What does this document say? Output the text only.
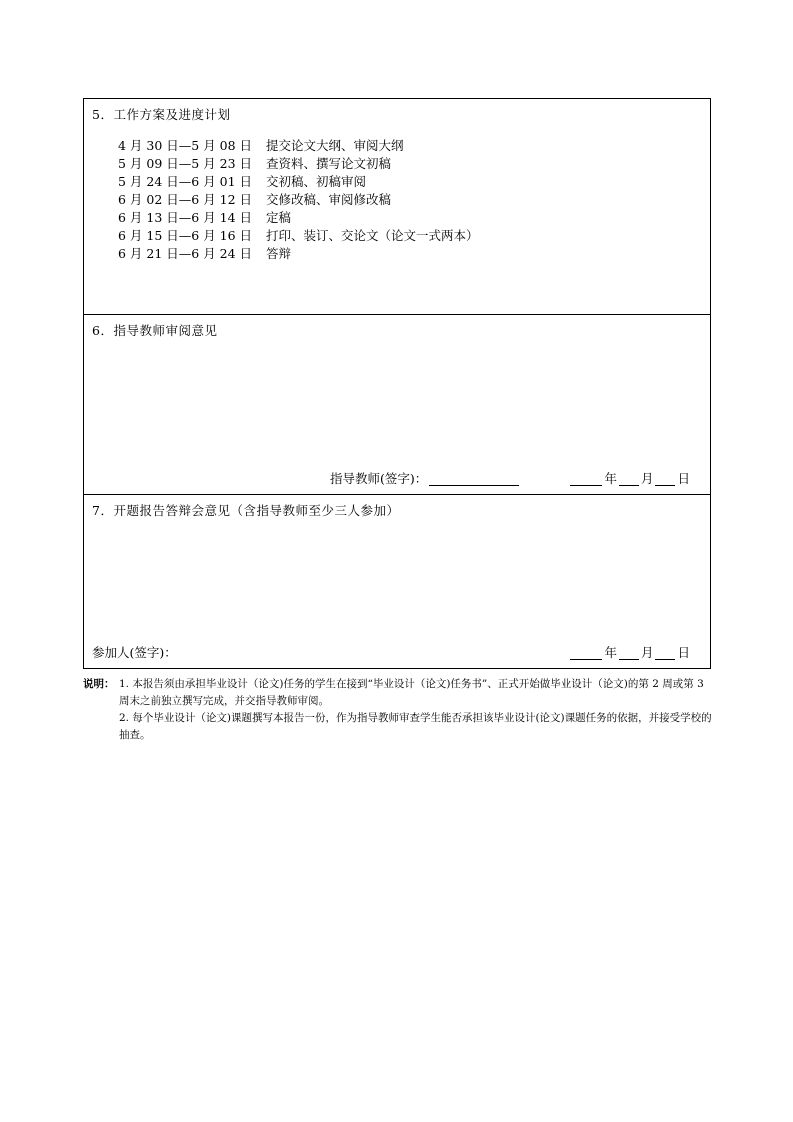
5．工作方案及进度计划
4 月 30 日—5 月 08 日 提交论文大纲、审阅大纲
5 月 09 日—5 月 23 日 查资料、撰写论文初稿
5 月 24 日—6 月 01 日 交初稿、初稿审阅
6 月 02 日—6 月 12 日 交修改稿、审阅修改稿
6 月 13 日—6 月 14 日 定稿
6 月 15 日—6 月 16 日 打印、装订、交论文（论文一式两本）
6 月 21 日—6 月 24 日 答辩
6．指导教师审阅意见
指导教师(签字)：	年 月 日
7．开题报告答辩会意见（含指导教师至少三人参加）
参加人(签字)：	年 月 日
说明： 1. 本报告须由承担毕业设计（论文)任务的学生在接到“毕业设计（论文)任务书”、正式开始做毕业设计（论文)的第 2 周或第 3 周末之前独立撰写完成，并交指导教师审阅。
2. 每个毕业设计（论文)课题撰写本报告一份，作为指导教师审查学生能否承担该毕业设计(论文)课题任务的依据，并接受学校的抽查。
